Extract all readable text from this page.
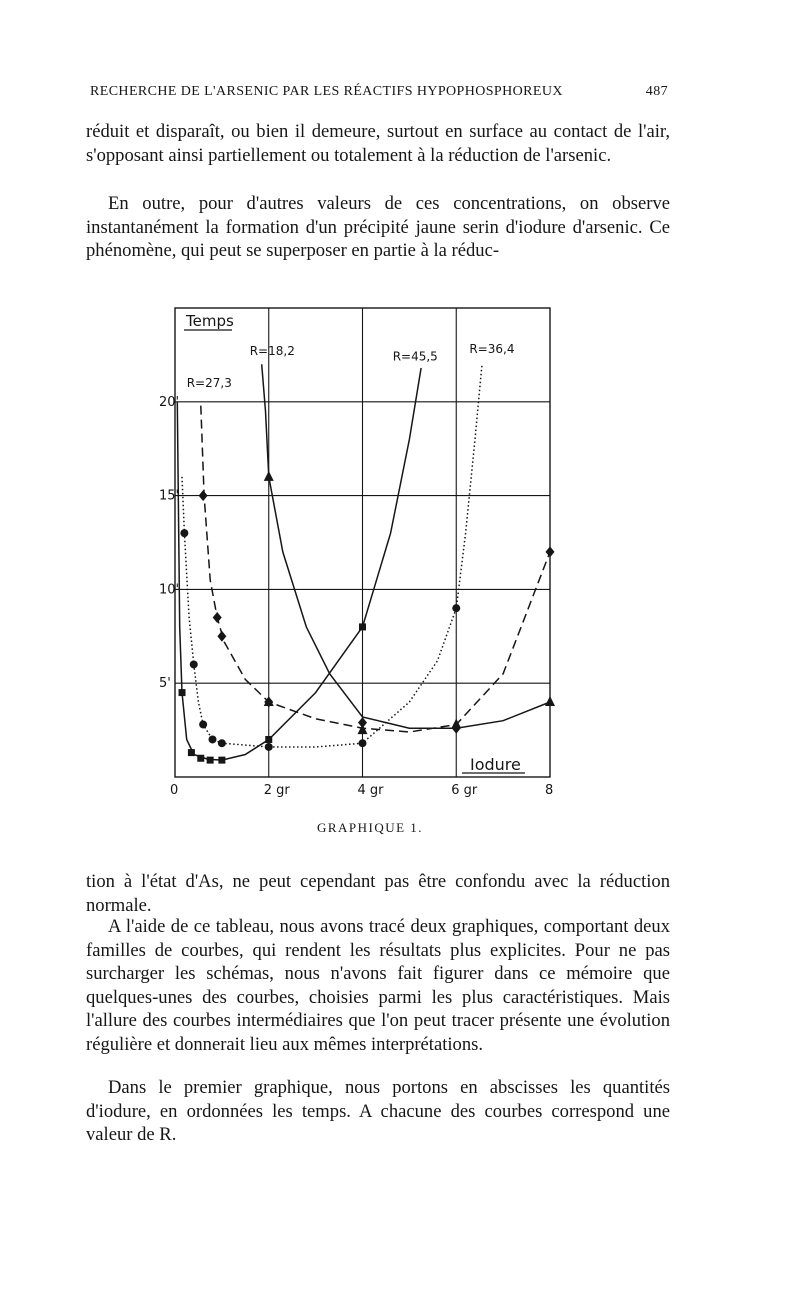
RECHERCHE DE L'ARSENIC PAR LES RÉACTIFS HYPOPHOSPHOREUX	487

réduit et disparaît, ou bien il demeure, surtout en surface au contact de l'air, s'opposant ainsi partiellement ou totalement à la réduction de l'arsenic.

En outre, pour d'autres valeurs de ces concentrations, on observe instantanément la formation d'un précipité jaune serin d'iodure d'arsenic. Ce phénomène, qui peut se superposer en partie à la réduc-

0	2 gr	4 gr	6 gr	8
5'
10'
15'
20'
R=18,2
R=27,3
R=45,5
R=36,4
Temps
Iodure
GRAPHIQUE 1.

tion à l'état d'As, ne peut cependant pas être confondu avec la réduction normale.

A l'aide de ce tableau, nous avons tracé deux graphiques, comportant deux familles de courbes, qui rendent les résultats plus explicites. Pour ne pas surcharger les schémas, nous n'avons fait figurer dans ce mémoire que quelques-unes des courbes, choisies parmi les plus caractéristiques. Mais l'allure des courbes intermédiaires que l'on peut tracer présente une évolution régulière et donnerait lieu aux mêmes interprétations.

Dans le premier graphique, nous portons en abscisses les quantités d'iodure, en ordonnées les temps. A chacune des courbes correspond une valeur de R.
